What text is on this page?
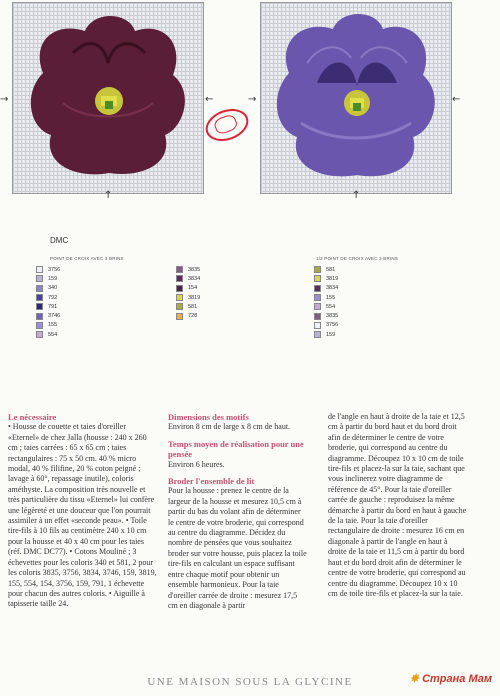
→	←
↑
→	←
↑
DMC
POINT DE CROIX AVEC 3 BRINS	1/2 POINT DE CROIX AVEC 2 BRINS
3756
159
340
792
791
3746
155
554
3835
3834
154
3819
581
728
581
3819
3834
155
554
3835
3756
159
Le nécessaire
• Housse de couette et taies d'oreiller «Eternel» de chez Jalla (housse : 240 x 260 cm ; taies carrées : 65 x 65 cm ; taies rectangulaires : 75 x 50 cm. 40 % micro modal, 40 % filifine, 20 % coton peigné ; lavage à 60°, repassage inutile), coloris améthyste. La composition très nouvelle et très particulière du tissu «Eternel» lui confère une légèreté et une douceur que l'on pourrait assimiler à un effet «seconde peau». • Toile tire-fils à 10 fils au centimètre 240 x 10 cm pour la housse et 40 x 40 cm pour les taies (réf. DMC DC77). • Cotons Mouliné ; 3 échevettes pour les coloris 340 et 581, 2 pour les coloris 3835, 3756, 3834, 3746, 159, 3819, 155, 554, 154, 3756, 159, 791, 1 échevette pour chacun des autres coloris. • Aiguille à tapisserie taille 24.
Dimensions des motifs
Environ 8 cm de large x 8 cm de haut.
Temps moyen de réalisation pour une pensée
Environ 6 heures.
Broder l'ensemble de lit
Pour la housse : prenez le centre de la largeur de la housse et mesurez 10,5 cm à partir du bas du volant afin de déterminer le centre de votre broderie, qui correspond au centre du diagramme. Décidez du nombre de pensées que vous souhaitez broder sur votre housse, puis placez la toile tire-fils en calculant un espace suffisant entre chaque motif pour obtenir un ensemble harmonieux. Pour la taie d'oreiller carrée de droite : mesurez 17,5 cm en diagonale à partir
de l'angle en haut à droite de la taie et 12,5 cm à partir du bord haut et du bord droit afin de déterminer le centre de votre broderie, qui correspond au centre du diagramme. Découpez 10 x 10 cm de toile tire-fils et placez-la sur la taie, sachant que vous inclinerez votre diagramme de référence de 45°. Pour la taie d'oreiller carrée de gauche : reproduisez la même démarche à partir du bord en haut à gauche de la taie. Pour la taie d'oreiller rectangulaire de droite : mesurez 16 cm en diagonale à partir de l'angle en haut à droite de la taie et 11,5 cm à partir du bord haut et du bord droit afin de déterminer le centre de votre broderie, qui correspond au centre du diagramme. Découpez 10 x 10 cm de toile tire-fils et placez-la sur la taie.
UNE MAISON SOUS LA GLYCINE	✸ Страна Мам
